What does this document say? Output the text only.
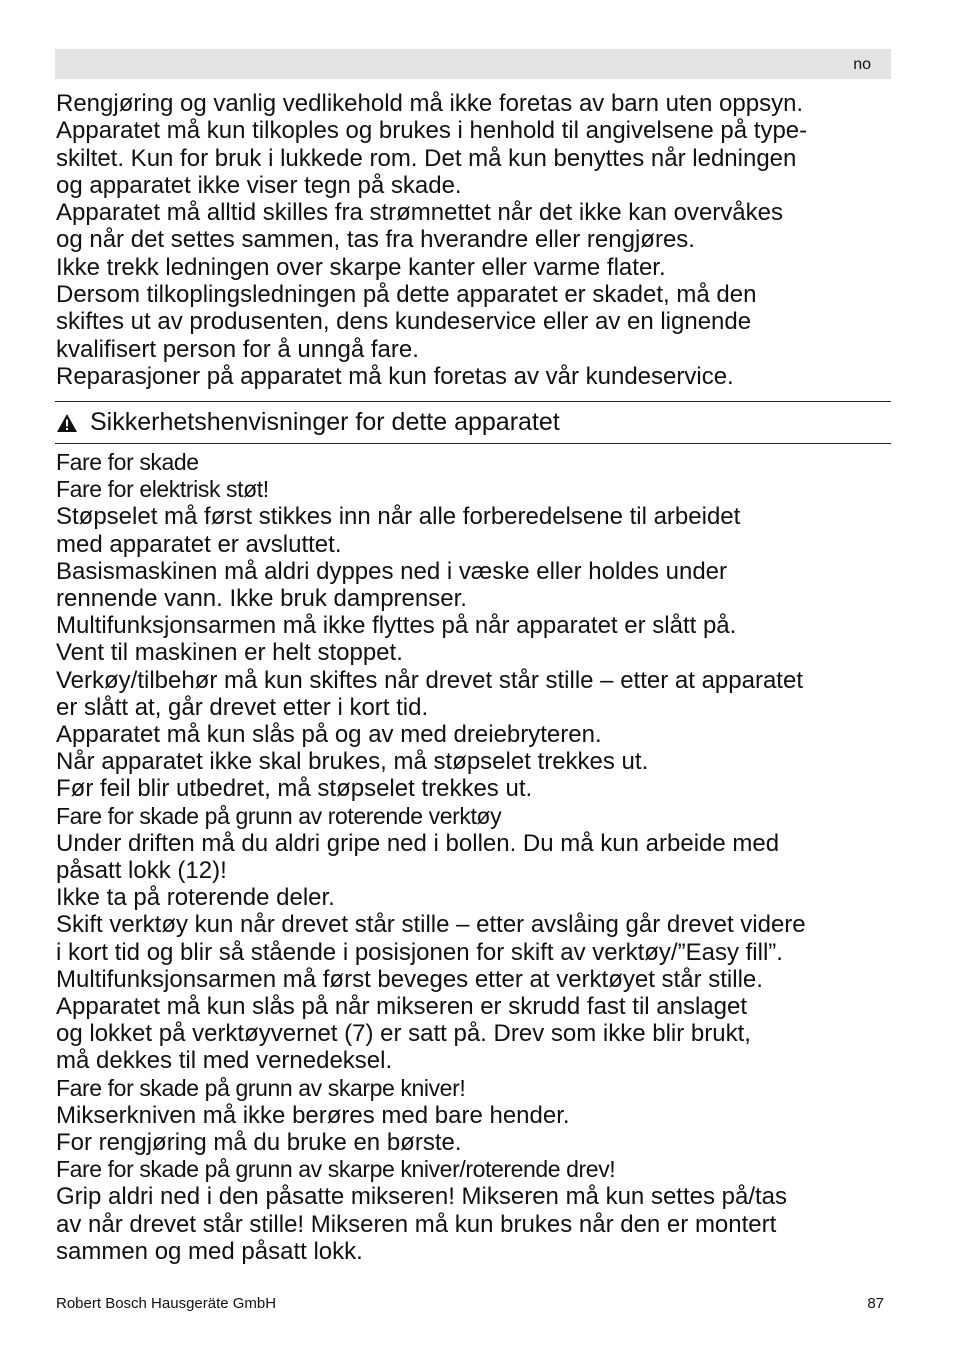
no

Rengjøring og vanlig vedlikehold må ikke foretas av barn uten oppsyn.

Apparatet må kun tilkoples og brukes i henhold til angivelsene på type-

skiltet. Kun for bruk i lukkede rom. Det må kun benyttes når ledningen

og apparatet ikke viser tegn på skade.

Apparatet må alltid skilles fra strømnettet når det ikke kan overvåkes

og når det settes sammen, tas fra hverandre eller rengjøres.

Ikke trekk ledningen over skarpe kanter eller varme flater.

Dersom tilkoplingsledningen på dette apparatet er skadet, må den

skiftes ut av produsenten, dens kundeservice eller av en lignende

kvalifisert person for å unngå fare.

Reparasjoner på apparatet må kun foretas av vår kundeservice.

Sikkerhetshenvisninger for dette apparatet

Fare for skade

Fare for elektrisk støt!

Støpselet må først stikkes inn når alle forberedelsene til arbeidet

med apparatet er avsluttet.

Basismaskinen må aldri dyppes ned i væske eller holdes under

rennende vann. Ikke bruk damprenser.

Multifunksjonsarmen må ikke flyttes på når apparatet er slått på.

Vent til maskinen er helt stoppet.

Verkøy/tilbehør må kun skiftes når drevet står stille – etter at apparatet

er slått at, går drevet etter i kort tid.

Apparatet må kun slås på og av med dreiebryteren.

Når apparatet ikke skal brukes, må støpselet trekkes ut.

Før feil blir utbedret, må støpselet trekkes ut.

Fare for skade på grunn av roterende verktøy

Under driften må du aldri gripe ned i bollen. Du må kun arbeide med

påsatt lokk (12)!

Ikke ta på roterende deler.

Skift verktøy kun når drevet står stille – etter avslåing går drevet videre

i kort tid og blir så stående i posisjonen for skift av verktøy/”Easy fill”.

Multifunksjonsarmen må først beveges etter at verktøyet står stille.

Apparatet må kun slås på når mikseren er skrudd fast til anslaget

og lokket på verktøyvernet (7) er satt på. Drev som ikke blir brukt,

må dekkes til med vernedeksel.

Fare for skade på grunn av skarpe kniver!

Mikserkniven må ikke berøres med bare hender.

For rengjøring må du bruke en børste.

Fare for skade på grunn av skarpe kniver/roterende drev!

Grip aldri ned i den påsatte mikseren! Mikseren må kun settes på/tas

av når drevet står stille! Mikseren må kun brukes når den er montert

sammen og med påsatt lokk.

Robert Bosch Hausgeräte GmbH	87
